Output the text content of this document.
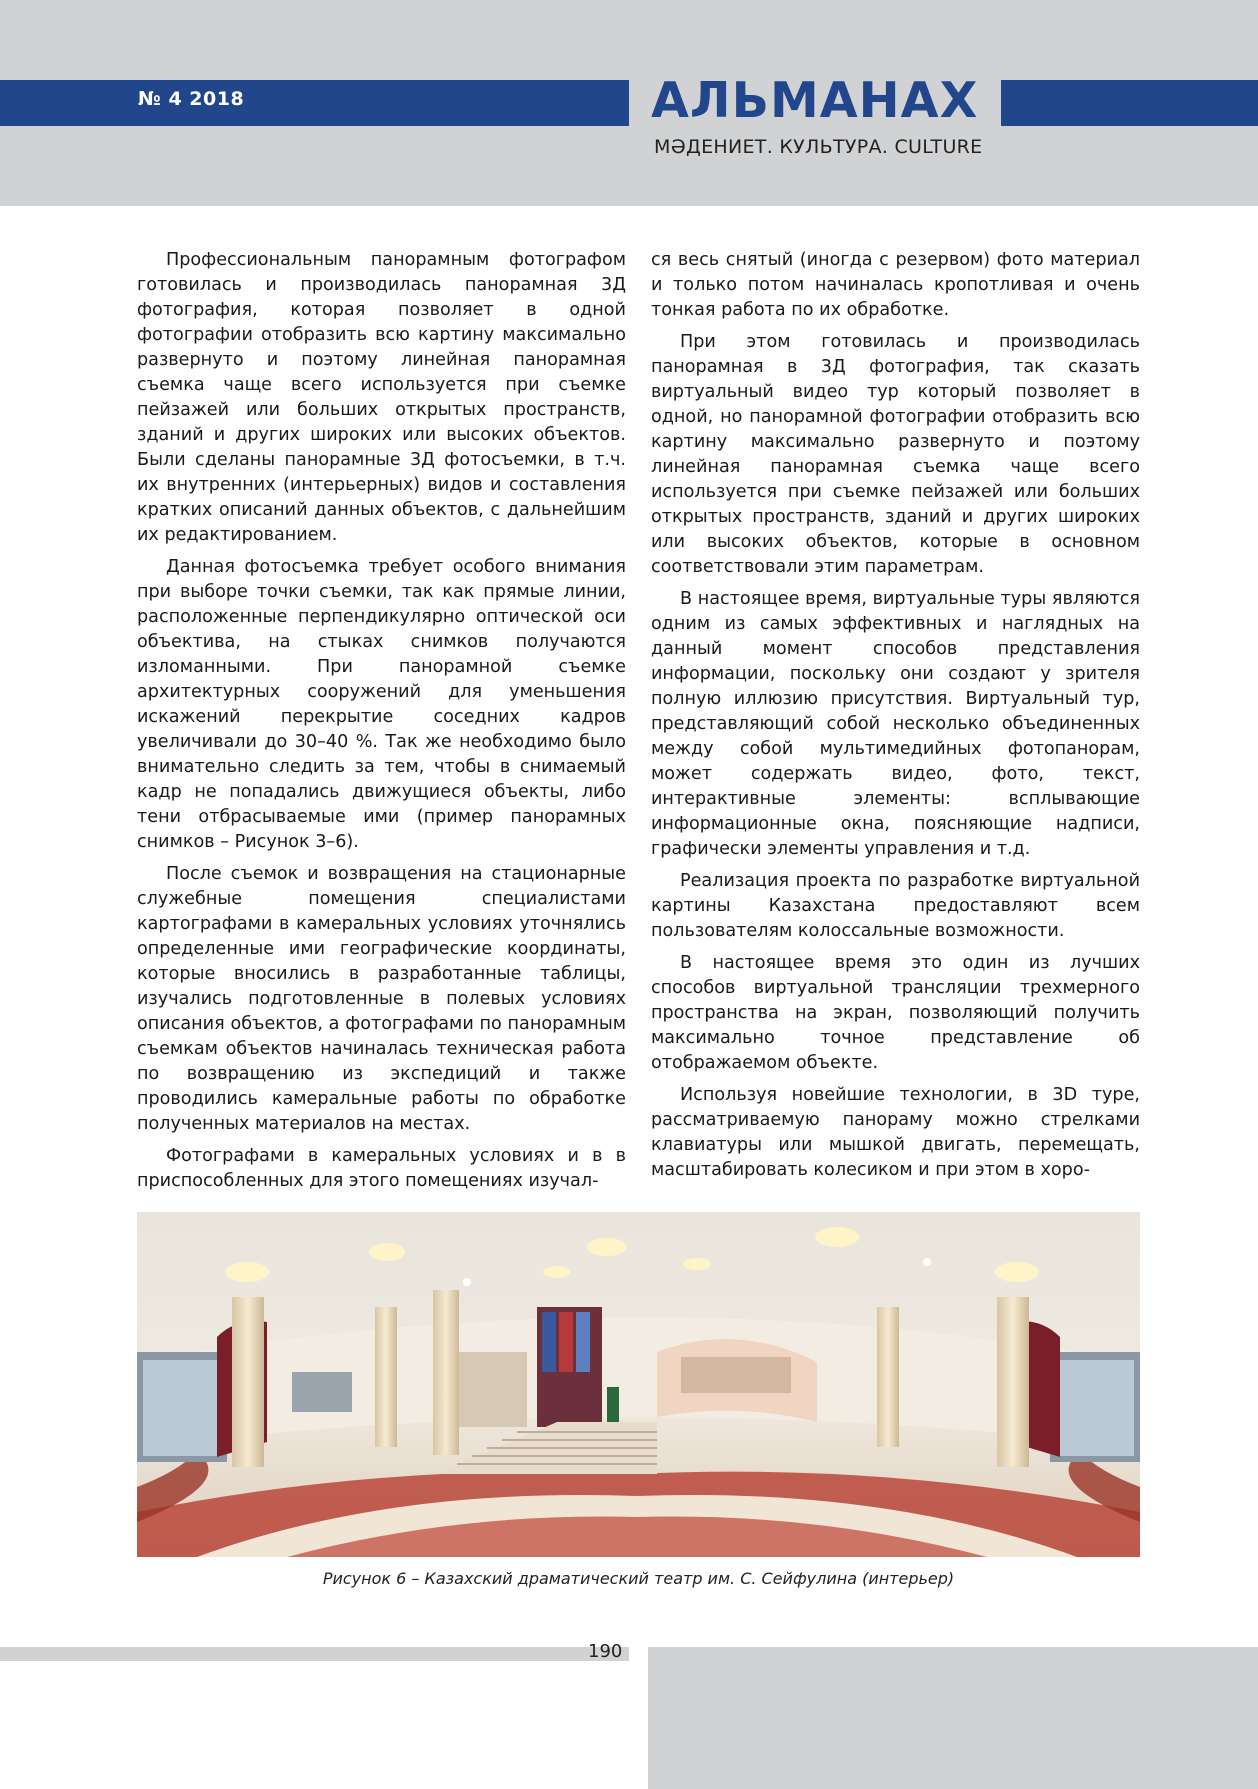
№ 4 2018	АЛЬМАНАХ
МӘДЕНИЕТ. КУЛЬТУРА. CULTURE

Профессиональным панорамным фотографом готовилась и производилась панорамная 3Д фотография, которая позволяет в одной фотографии отобразить всю картину максимально развернуто и поэтому линейная панорамная съемка чаще всего используется при съемке пейзажей или больших открытых пространств, зданий и других широких или высоких объектов. Были сделаны панорамные 3Д фотосъемки, в т.ч. их внутренних (интерьерных) видов и составления кратких описаний данных объектов, с дальнейшим их редактированием.

Данная фотосъемка требует особого внимания при выборе точки съемки, так как прямые линии, расположенные перпендикулярно оптической оси объектива, на стыках снимков получаются изломанными. При панорамной съемке архитектурных сооружений для уменьшения искажений перекрытие соседних кадров увеличивали до 30–40 %. Так же необходимо было внимательно следить за тем, чтобы в снимаемый кадр не попадались движущиеся объекты, либо тени отбрасываемые ими (пример панорамных снимков – Рисунок 3–6).

После съемок и возвращения на стационарные служебные помещения специалистами картографами в камеральных условиях уточнялись определенные ими географические координаты, которые вносились в разработанные таблицы, изучались подготовленные в полевых условиях описания объектов, а фотографами по панорамным съемкам объектов начиналась техническая работа по возвращению из экспедиций и также проводились камеральные работы по обработке полученных материалов на местах.

Фотографами в камеральных условиях и в в приспособленных для этого помещениях изучал-

ся весь снятый (иногда с резервом) фото материал и только потом начиналась кропотливая и очень тонкая работа по их обработке.

При этом готовилась и производилась панорамная в 3Д фотография, так сказать виртуальный видео тур который позволяет в одной, но панорамной фотографии отобразить всю картину максимально развернуто и поэтому линейная панорамная съемка чаще всего используется при съемке пейзажей или больших открытых пространств, зданий и других широких или высоких объектов, которые в основном соответствовали этим параметрам.

В настоящее время, виртуальные туры являются одним из самых эффективных и наглядных на данный момент способов представления информации, поскольку они создают у зрителя полную иллюзию присутствия. Виртуальный тур, представляющий собой несколько объединенных между собой мультимедийных фотопанорам, может содержать видео, фото, текст, интерактивные элементы: всплывающие информационные окна, поясняющие надписи, графически элементы управления и т.д.

Реализация проекта по разработке виртуальной картины Казахстана предоставляют всем пользователям колоссальные возможности.

В настоящее время это один из лучших способов виртуальной трансляции трехмерного пространства на экран, позволяющий получить максимально точное представление об отображаемом объекте.

Используя новейшие технологии, в 3D туре, рассматриваемую панораму можно стрелками клавиатуры или мышкой двигать, перемещать, масштабировать колесиком и при этом в хоро-

Рисунок 6 – Казахский драматический театр им. С. Сейфулина (интерьер)
190
